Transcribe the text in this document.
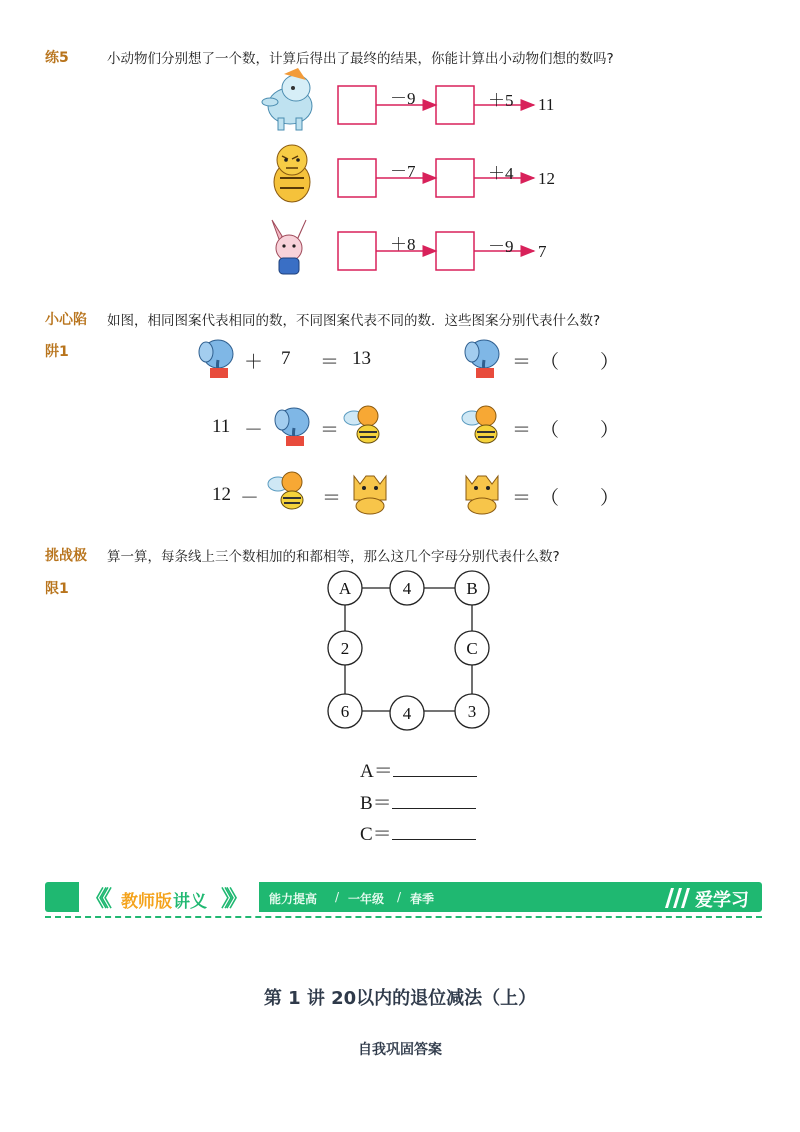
练5	小动物们分别想了一个数，计算后得出了最终的结果，你能计算出小动物们想的数吗?
－9	＋5 11
－7	＋4 12
＋8	－9 7
小心陷
阱1
如图，相同图案代表相同的数，不同图案代表不同的数．这些图案分别代表什么数?
＋ 7 ＝ 13	＝ （ ）
11 －	＝	＝ （ ）
12 －	＝	＝ （ ）
挑战极
限1
算一算，每条线上三个数相加的和都相等，那么这几个字母分别代表什么数?
A	4	B
2	C
6	4	3
A＝
B＝
C＝
《《 教师版 讲义 》》 能力提高 / 一年级 / 春季	爱学习
第 1 讲 20以内的退位减法（上）
自我巩固答案
